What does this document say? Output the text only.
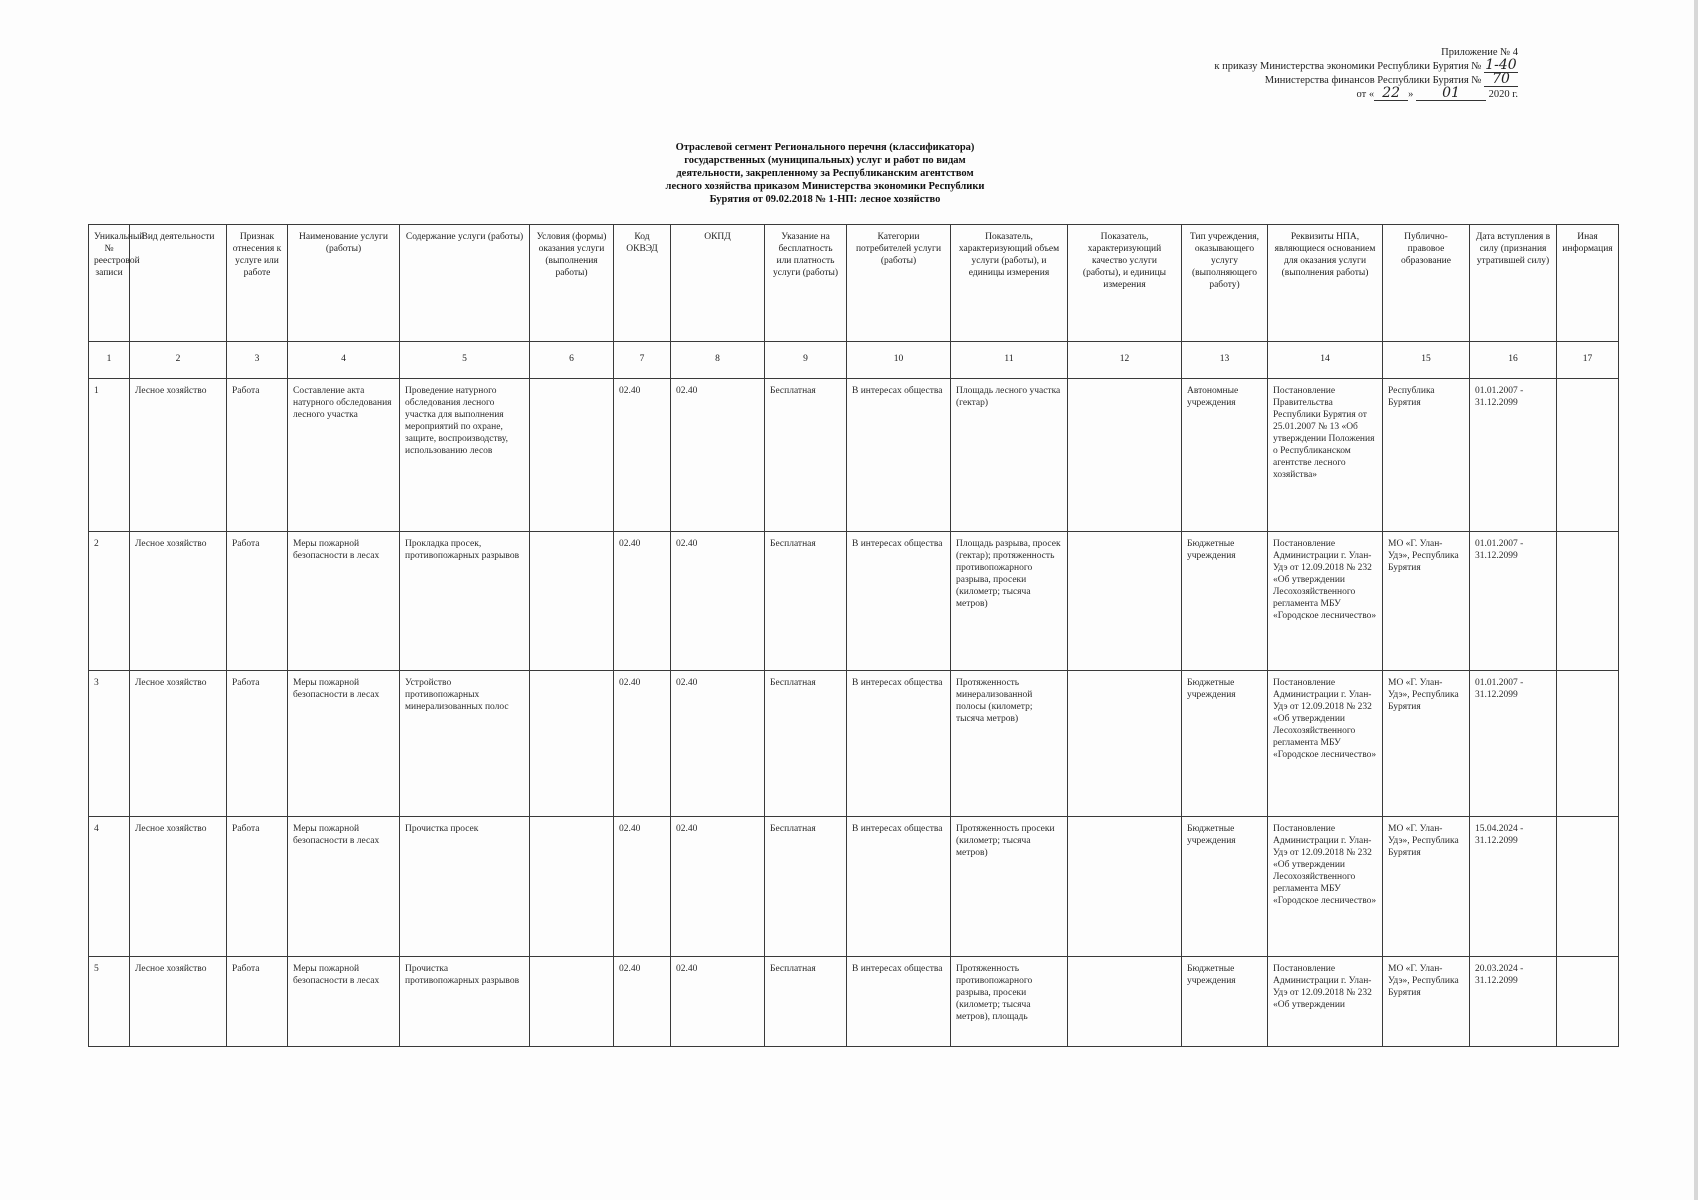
Приложение № 4
к приказу Министерства экономики Республики Бурятия № 1-40
Министерства финансов Республики Бурятия № 70
от « 22 » 01	2020 г.
Отраслевой сегмент Регионального перечня (классификатора)
государственных (муниципальных) услуг и работ по видам
деятельности, закрепленному за Республиканским агентством
лесного хозяйства приказом Министерства экономики Республики
Бурятия от 09.02.2018 № 1-НП: лесное хозяйство
Уникальный № реестровой записи	Вид деятельности	Признак отнесения к услуге или работе	Наименование услуги (работы)	Содержание услуги (работы)	Условия (формы) оказания услуги (выполнения работы)	Код ОКВЭД	ОКПД	Указание на бесплатность или платность услуги (работы)	Категории потребителей услуги (работы)	Показатель, характеризующий объем услуги (работы), и единицы измерения	Показатель, характеризующий качество услуги (работы), и единицы измерения	Тип учреждения, оказывающего услугу (выполняющего работу)	Реквизиты НПА, являющиеся основанием для оказания услуги (выполнения работы)	Публично-правовое образование	Дата вступления в силу (признания утратившей силу)	Иная информация
1	2	3	4	5	6	7	8	9	10	11	12	13	14	15	16	17
1	Лесное хозяйство	Работа	Составление акта натурного обследования лесного участка	Проведение натурного обследования лесного участка для выполнения мероприятий по охране, защите, воспроизводству, использованию лесов		02.40	02.40	Бесплатная	В интересах общества	Площадь лесного участка (гектар)		Автономные учреждения	Постановление Правительства Республики Бурятия от 25.01.2007 № 13 «Об утверждении Положения о Республиканском агентстве лесного хозяйства»	Республика Бурятия	01.01.2007 - 31.12.2099	
2	Лесное хозяйство	Работа	Меры пожарной безопасности в лесах	Прокладка просек, противопожарных разрывов		02.40	02.40	Бесплатная	В интересах общества	Площадь разрыва, просек (гектар); протяженность противопожарного разрыва, просеки (километр; тысяча метров)		Бюджетные учреждения	Постановление Администрации г. Улан-Удэ от 12.09.2018 № 232 «Об утверждении Лесохозяйственного регламента МБУ «Городское лесничество»	МО «Г. Улан-Удэ», Республика Бурятия	01.01.2007 - 31.12.2099	
3	Лесное хозяйство	Работа	Меры пожарной безопасности в лесах	Устройство противопожарных минерализованных полос		02.40	02.40	Бесплатная	В интересах общества	Протяженность минерализованной полосы (километр; тысяча метров)		Бюджетные учреждения	Постановление Администрации г. Улан-Удэ от 12.09.2018 № 232 «Об утверждении Лесохозяйственного регламента МБУ «Городское лесничество»	МО «Г. Улан-Удэ», Республика Бурятия	01.01.2007 - 31.12.2099	
4	Лесное хозяйство	Работа	Меры пожарной безопасности в лесах	Прочистка просек		02.40	02.40	Бесплатная	В интересах общества	Протяженность просеки (километр; тысяча метров)		Бюджетные учреждения	Постановление Администрации г. Улан-Удэ от 12.09.2018 № 232 «Об утверждении Лесохозяйственного регламента МБУ «Городское лесничество»	МО «Г. Улан-Удэ», Республика Бурятия	15.04.2024 - 31.12.2099	
5	Лесное хозяйство	Работа	Меры пожарной безопасности в лесах	Прочистка противопожарных разрывов		02.40	02.40	Бесплатная	В интересах общества	Протяженность противопожарного разрыва, просеки (километр; тысяча метров), площадь		Бюджетные учреждения	Постановление Администрации г. Улан-Удэ от 12.09.2018 № 232 «Об утверждении	МО «Г. Улан-Удэ», Республика Бурятия	20.03.2024 - 31.12.2099	
